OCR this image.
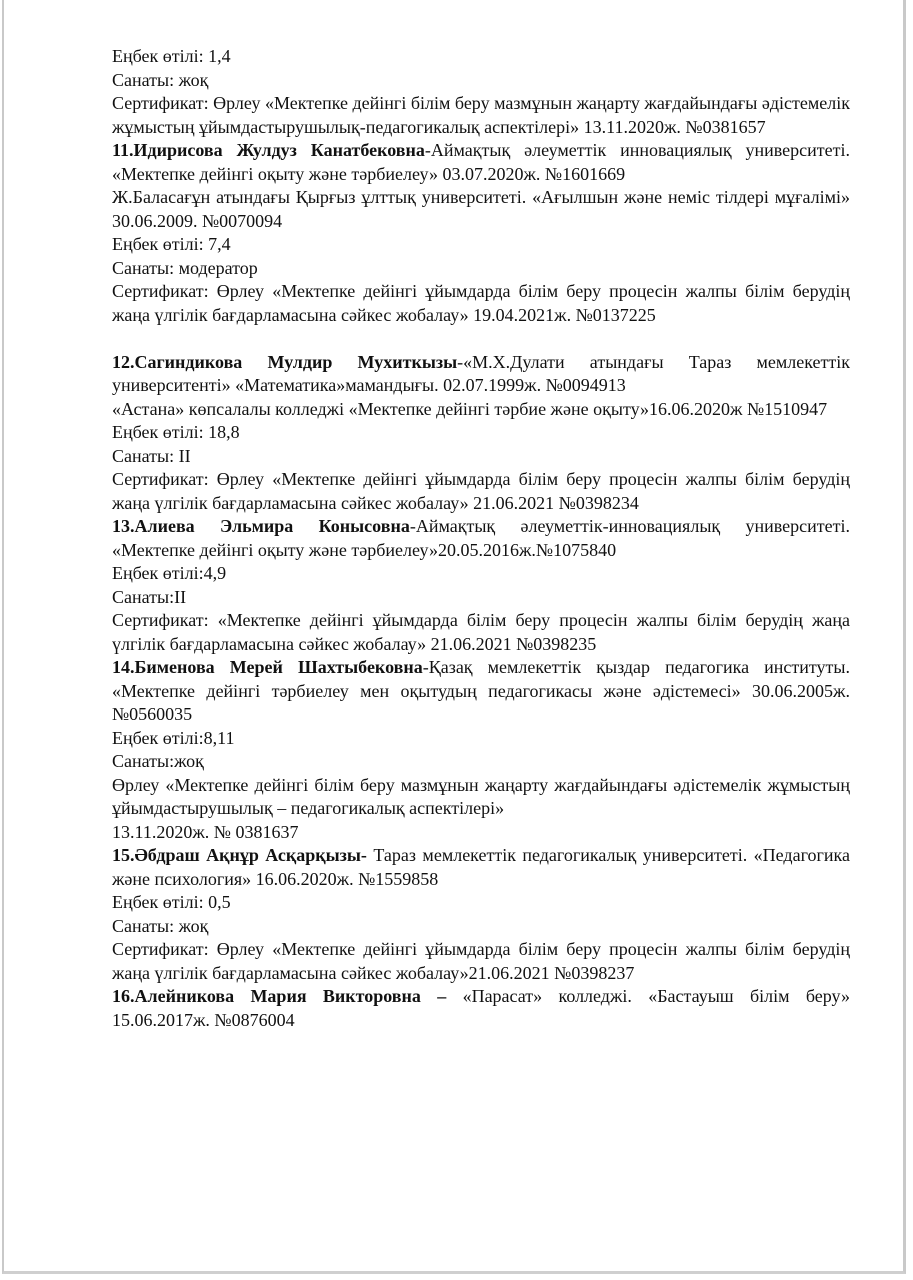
Еңбек өтілі: 1,4

Санаты: жоқ

Сертификат: Өрлеу «Мектепке дейінгі білім беру мазмұнын жаңарту жағдайындағы әдістемелік жұмыстың ұйымдастырушылық-педагогикалық аспектілері» 13.11.2020ж. №0381657

11.Идирисова Жулдуз Канатбековна-Аймақтық әлеуметтік инновациялық университеті. «Мектепке дейінгі оқыту және тәрбиелеу» 03.07.2020ж. №1601669

Ж.Баласағұн атындағы Қырғыз ұлттық университеті. «Ағылшын және неміс тілдері мұғалімі» 30.06.2009. №0070094

Еңбек өтілі: 7,4

Санаты: модератор

Сертификат: Өрлеу «Мектепке дейінгі ұйымдарда білім беру процесін жалпы білім берудің жаңа үлгілік бағдарламасына сәйкес жобалау» 19.04.2021ж. №0137225

12.Сагиндикова Мулдир Мухиткызы-«М.Х.Дулати атындағы Тараз мемлекеттік университенті» «Математика»мамандығы. 02.07.1999ж. №0094913

«Астана» көпсалалы колледжі «Мектепке дейінгі тәрбие және оқыту»16.06.2020ж №1510947

Еңбек өтілі: 18,8

Санаты: II

Сертификат: Өрлеу «Мектепке дейінгі ұйымдарда білім беру процесін жалпы білім берудің жаңа үлгілік бағдарламасына сәйкес жобалау» 21.06.2021 №0398234

13.Алиева Эльмира Конысовна-Аймақтық әлеуметтік-инновациялық университеті. «Мектепке дейінгі оқыту және тәрбиелеу»20.05.2016ж.№1075840

Еңбек өтілі:4,9

Санаты:II

Сертификат: «Мектепке дейінгі ұйымдарда білім беру процесін жалпы білім берудің жаңа үлгілік бағдарламасына сәйкес жобалау» 21.06.2021 №0398235

14.Бименова Мерей Шахтыбековна-Қазақ мемлекеттік қыздар педагогика институты. «Мектепке дейінгі тәрбиелеу мен оқытудың педагогикасы және әдістемесі» 30.06.2005ж. №0560035

Еңбек өтілі:8,11

Санаты:жоқ

Өрлеу «Мектепке дейінгі білім беру мазмұнын жаңарту жағдайындағы әдістемелік жұмыстың ұйымдастырушылық – педагогикалық аспектілері»

13.11.2020ж. № 0381637

15.Әбдраш Ақнұр Асқарқызы- Тараз мемлекеттік педагогикалық университеті. «Педагогика және психология» 16.06.2020ж. №1559858

Еңбек өтілі: 0,5

Санаты: жоқ

Сертификат: Өрлеу «Мектепке дейінгі ұйымдарда білім беру процесін жалпы білім берудің жаңа үлгілік бағдарламасына сәйкес жобалау»21.06.2021 №0398237

16.Алейникова Мария Викторовна – «Парасат» колледжі. «Бастауыш білім беру» 15.06.2017ж. №0876004
